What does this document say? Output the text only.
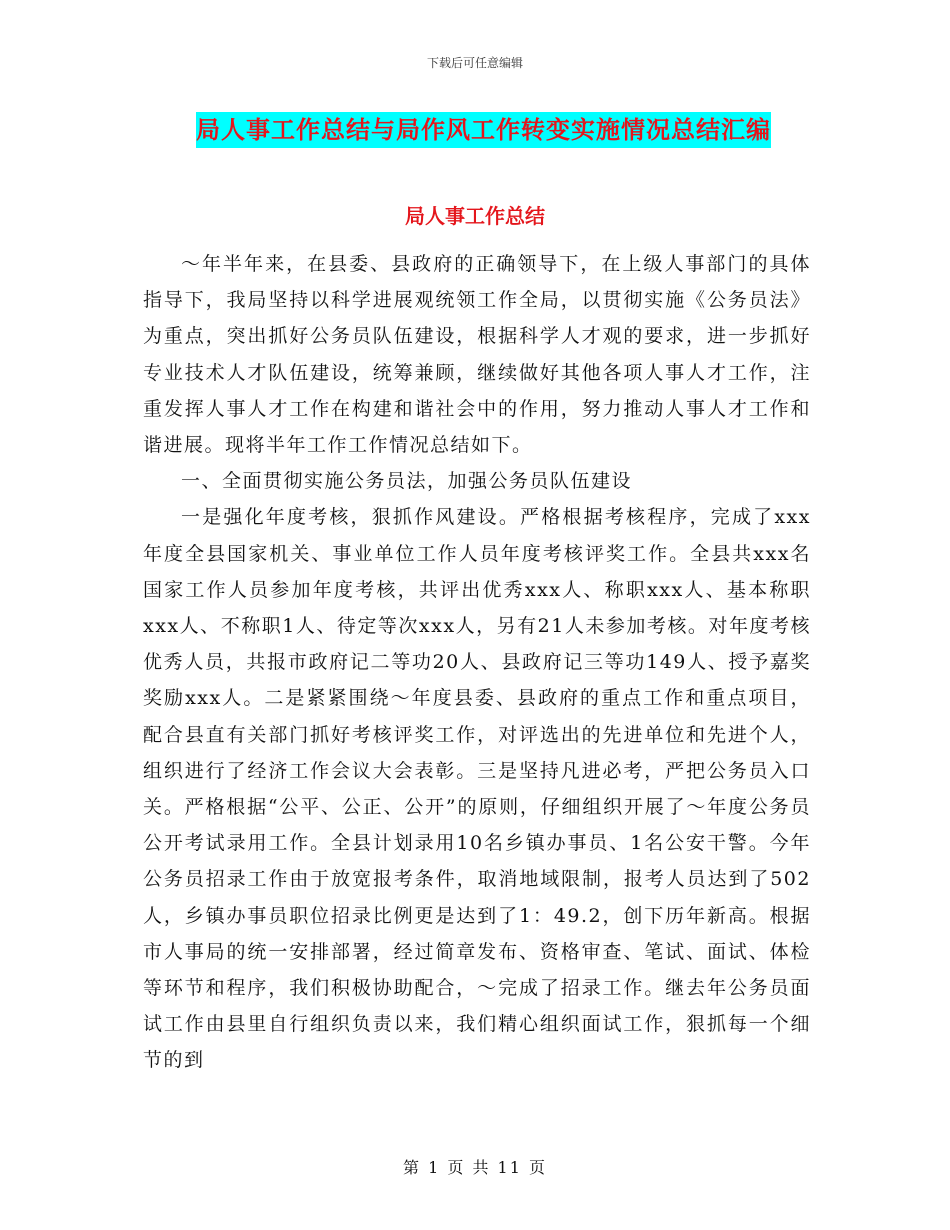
下载后可任意编辑
局人事工作总结与局作风工作转变实施情况总结汇编
局人事工作总结

～年半年来，在县委、县政府的正确领导下，在上级人事部门的具体指导下，我局坚持以科学进展观统领工作全局，以贯彻实施《公务员法》为重点，突出抓好公务员队伍建设，根据科学人才观的要求，进一步抓好专业技术人才队伍建设，统筹兼顾，继续做好其他各项人事人才工作，注重发挥人事人才工作在构建和谐社会中的作用，努力推动人事人才工作和谐进展。现将半年工作工作情况总结如下。

一、全面贯彻实施公务员法，加强公务员队伍建设

一是强化年度考核，狠抓作风建设。严格根据考核程序，完成了xxx年度全县国家机关、事业单位工作人员年度考核评奖工作。全县共xxx名国家工作人员参加年度考核，共评出优秀xxx人、称职xxx人、基本称职xxx人、不称职1人、待定等次xxx人，另有21人未参加考核。对年度考核优秀人员，共报市政府记二等功20人、县政府记三等功149人、授予嘉奖奖励xxx人。二是紧紧围绕～年度县委、县政府的重点工作和重点项目，配合县直有关部门抓好考核评奖工作，对评选出的先进单位和先进个人，组织进行了经济工作会议大会表彰。三是坚持凡进必考，严把公务员入口关。严格根据“公平、公正、公开”的原则，仔细组织开展了～年度公务员公开考试录用工作。全县计划录用10名乡镇办事员、1名公安干警。今年公务员招录工作由于放宽报考条件，取消地域限制，报考人员达到了502人，乡镇办事员职位招录比例更是达到了1：49.2，创下历年新高。根据市人事局的统一安排部署，经过简章发布、资格审查、笔试、面试、体检等环节和程序，我们积极协助配合，～完成了招录工作。继去年公务员面试工作由县里自行组织负责以来，我们精心组织面试工作，狠抓每一个细节的到

第 1 页 共 11 页
